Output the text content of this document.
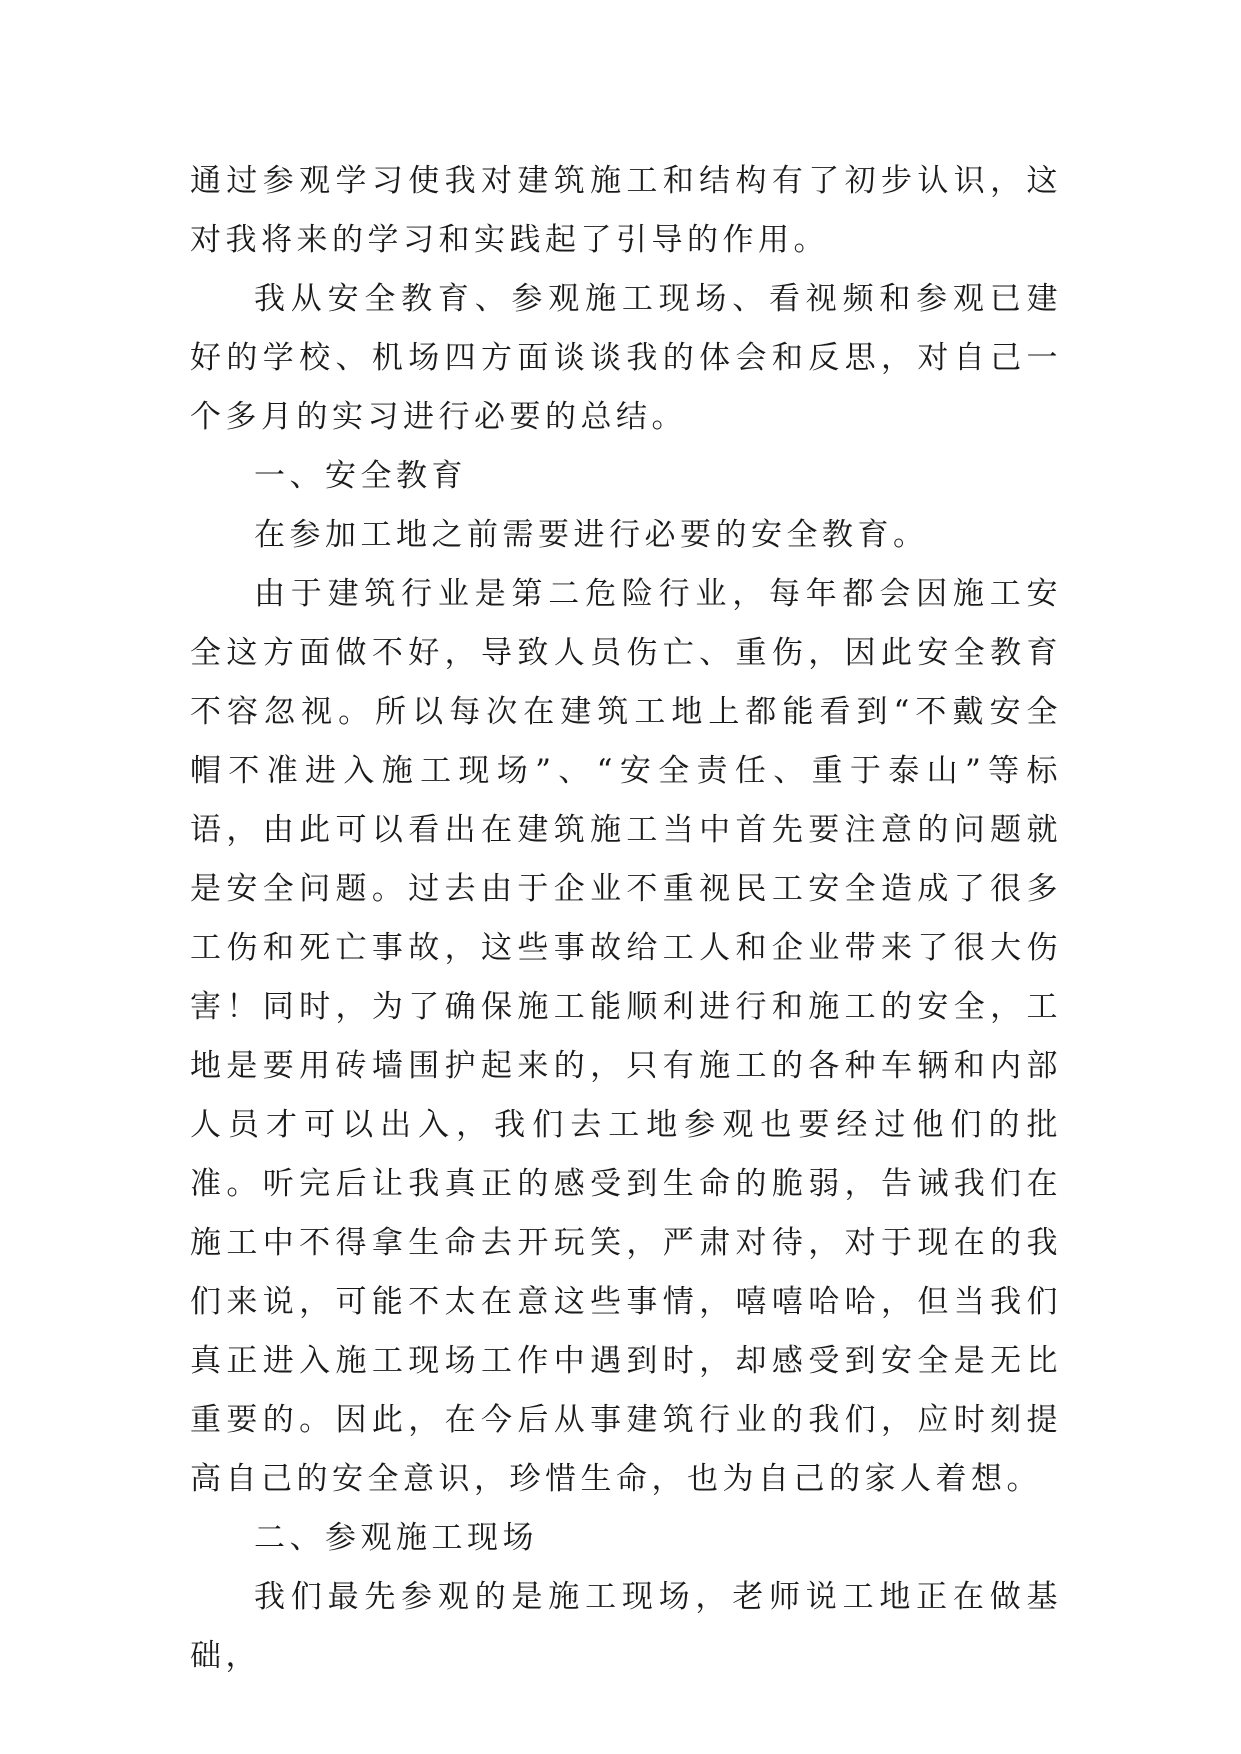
通过参观学习使我对建筑施工和结构有了初步认识，这对我将来的学习和实践起了引导的作用。

我从安全教育、参观施工现场、看视频和参观已建好的学校、机场四方面谈谈我的体会和反思，对自己一个多月的实习进行必要的总结。

一、安全教育

在参加工地之前需要进行必要的安全教育。

由于建筑行业是第二危险行业，每年都会因施工安全这方面做不好，导致人员伤亡、重伤，因此安全教育不容忽视。所以每次在建筑工地上都能看到“不戴安全帽不准进入施工现场”、“安全责任、重于泰山”等标语，由此可以看出在建筑施工当中首先要注意的问题就是安全问题。过去由于企业不重视民工安全造成了很多工伤和死亡事故，这些事故给工人和企业带来了很大伤害！同时，为了确保施工能顺利进行和施工的安全，工地是要用砖墙围护起来的，只有施工的各种车辆和内部人员才可以出入，我们去工地参观也要经过他们的批准。听完后让我真正的感受到生命的脆弱，告诫我们在施工中不得拿生命去开玩笑，严肃对待，对于现在的我们来说，可能不太在意这些事情，嘻嘻哈哈，但当我们真正进入施工现场工作中遇到时，却感受到安全是无比重要的。因此，在今后从事建筑行业的我们，应时刻提高自己的安全意识，珍惜生命，也为自己的家人着想。

二、参观施工现场

我们最先参观的是施工现场，老师说工地正在做基础，
